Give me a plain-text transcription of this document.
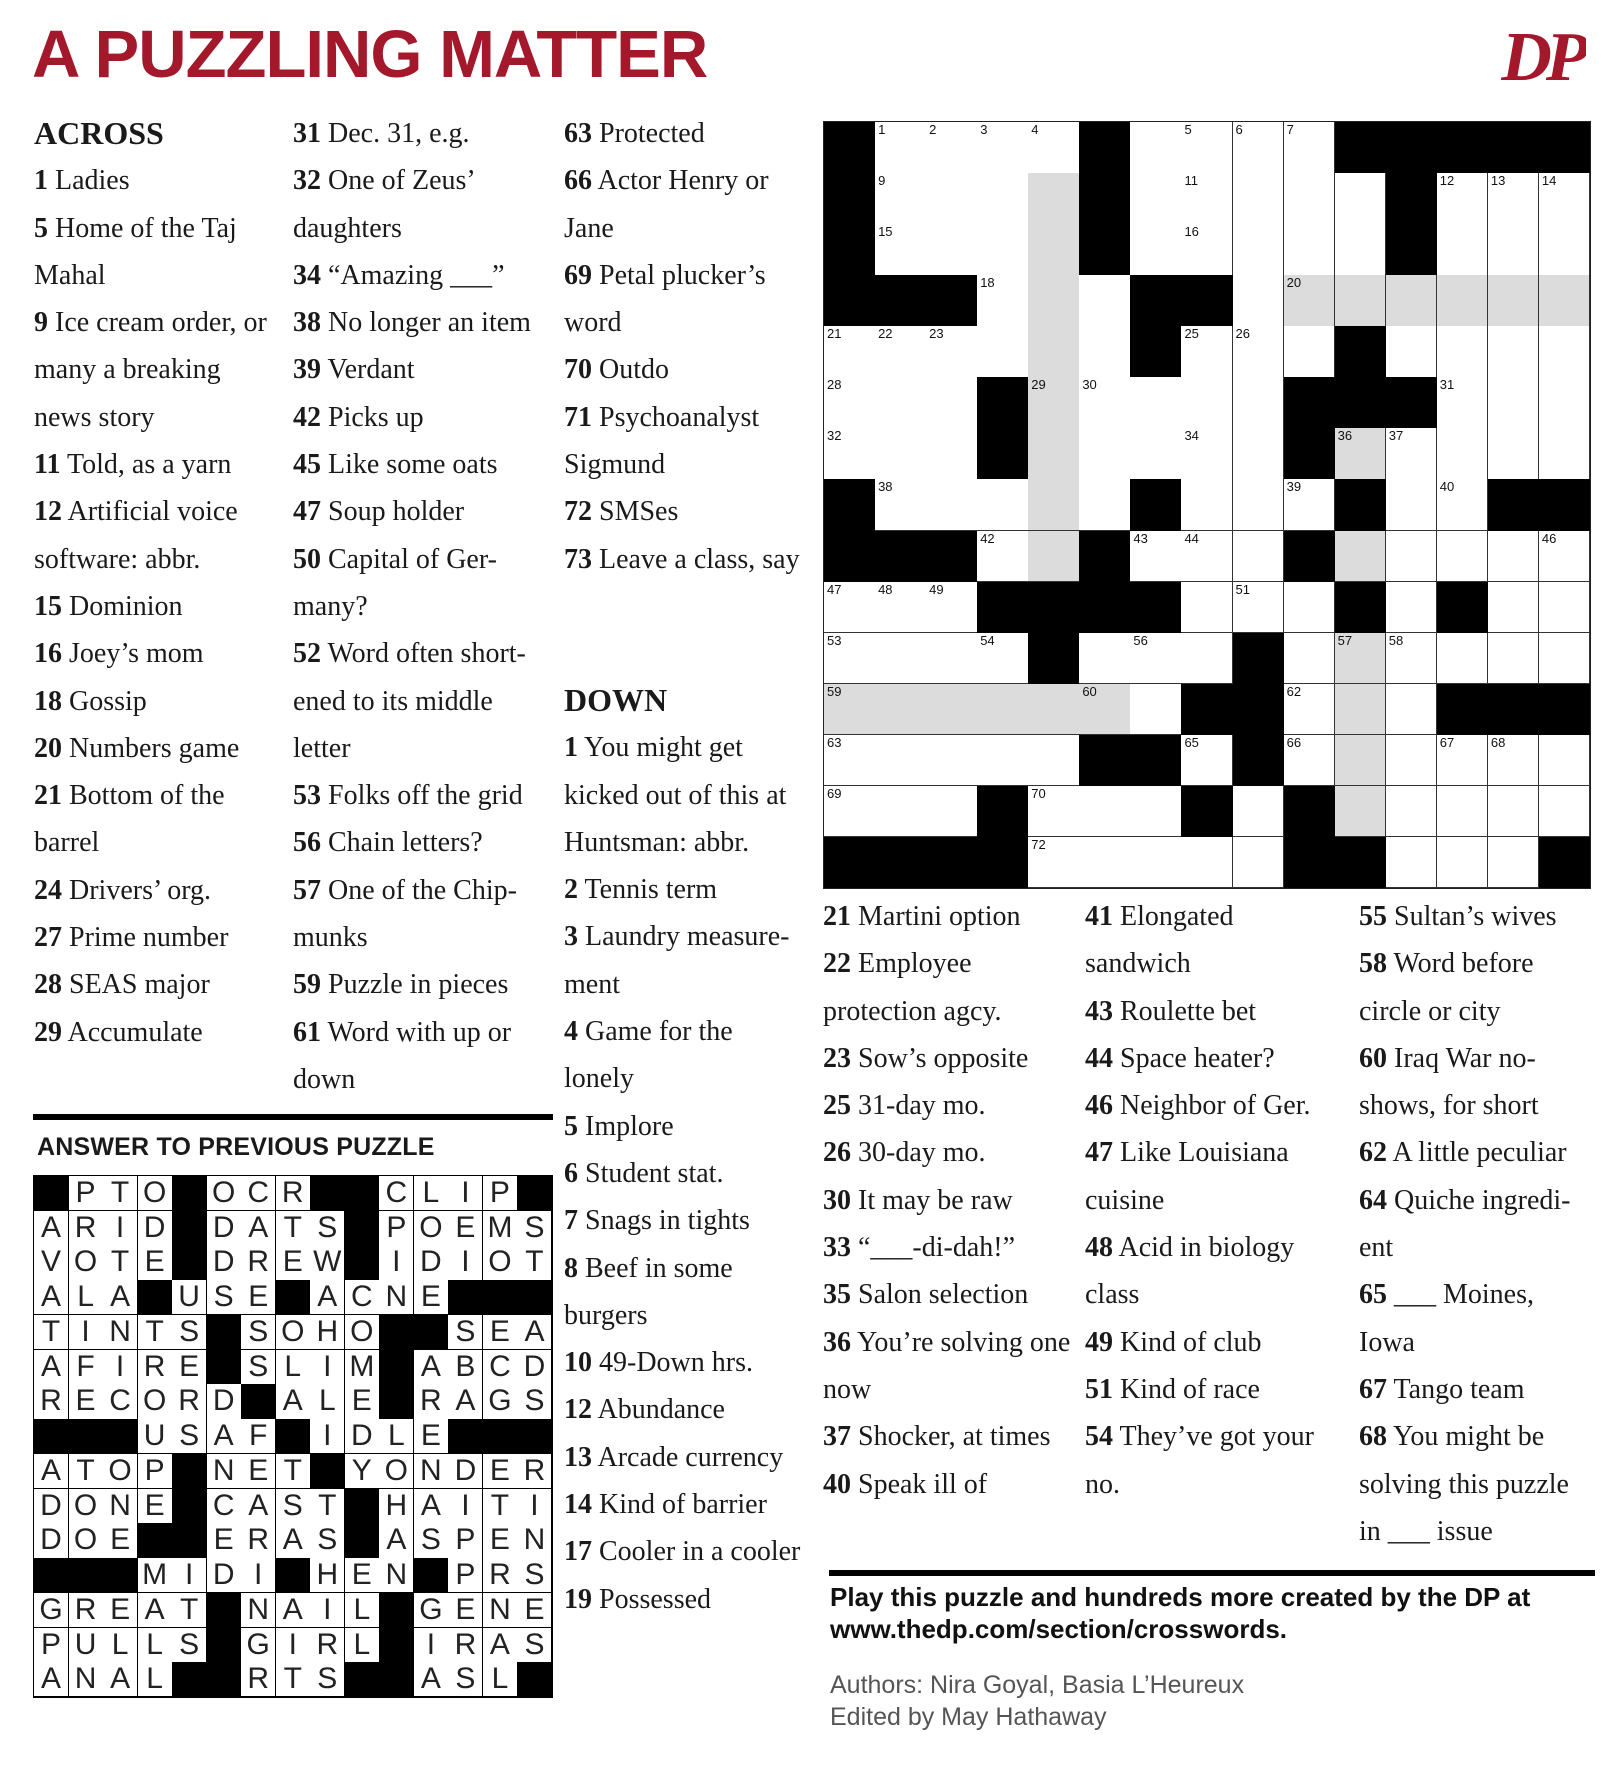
A PUZZLING MATTER	DP
ACROSS
1 Ladies
5 Home of the Taj Mahal
9 Ice cream order, or many a breaking news story
11 Told, as a yarn
12 Artificial voice software: abbr.
15 Dominion
16 Joey’s mom
18 Gossip
20 Numbers game
21 Bottom of the barrel
24 Drivers’ org.
27 Prime number
28 SEAS major
29 Accumulate
31 Dec. 31, e.g.
32 One of Zeus’ daughters
34 “Amazing ___”
38 No longer an item
39 Verdant
42 Picks up
45 Like some oats
47 Soup holder
50 Capital of Ger- many?
52 Word often short- ened to its middle letter
53 Folks off the grid
56 Chain letters?
57 One of the Chip- munks
59 Puzzle in pieces
61 Word with up or down
63 Protected
66 Actor Henry or Jane
69 Petal plucker’s word
70 Outdo
71 Psychoanalyst Sigmund
72 SMSes
73 Leave a class, say
DOWN
1 You might get kicked out of this at Huntsman: abbr.
2 Tennis term
3 Laundry measure- ment
4 Game for the lonely
5 Implore
6 Student stat.
7 Snags in tights
8 Beef in some burgers
10 49-Down hrs.
12 Abundance
13 Arcade currency
14 Kind of barrier
17 Cooler in a cooler
19 Possessed
21 Martini option
22 Employee protection agcy.
23 Sow’s opposite
25 31-day mo.
26 30-day mo.
30 It may be raw
33 “___-di-dah!”
35 Salon selection
36 You’re solving one now
37 Shocker, at times
40 Speak ill of
41 Elongated sandwich
43 Roulette bet
44 Space heater?
46 Neighbor of Ger.
47 Like Louisiana cuisine
48 Acid in biology class
49 Kind of club
51 Kind of race
54 They’ve got your no.
55 Sultan’s wives
58 Word before circle or city
60 Iraq War no- shows, for short
62 A little peculiar
64 Quiche ingredi- ent
65 ___ Moines, Iowa
67 Tango team
68 You might be solving this puzzle in ___ issue
1	2	3	4	5	6	7
9	11	12	13	14
15	16
18	20
21	22	23	25	26
28	29	30	31
32	34	36	37
38	39	40
42	43	44	46
47	48	49	51
53	54	56	57	58
59	60	62
63	65	66	67	68
69	70
72
ANSWER TO PREVIOUS PUZZLE
P T O O C R	C L I P
A R I D D A T S P O E M S
V O T E D R E W	I D I O T
A L A U S E A C N E
T I N T S S O H O	S E A
A F I R E S L I M A B C D
R E C O R D A L E R A G S
U S A F	I D L E
A T O P N E T Y O N D E R
D O N E C A S T H A I T I
D O E	E R A S A S P E N
M I D I	H E N P R S
G R E A T N A I L	G E N E
P U L L S G I R L	I R A S
A N A L	R T S	A S L
Play this puzzle and hundreds more created by the DP at www.thedp.com/section/crosswords.
Authors: Nira Goyal, Basia L’Heureux
Edited by May Hathaway
